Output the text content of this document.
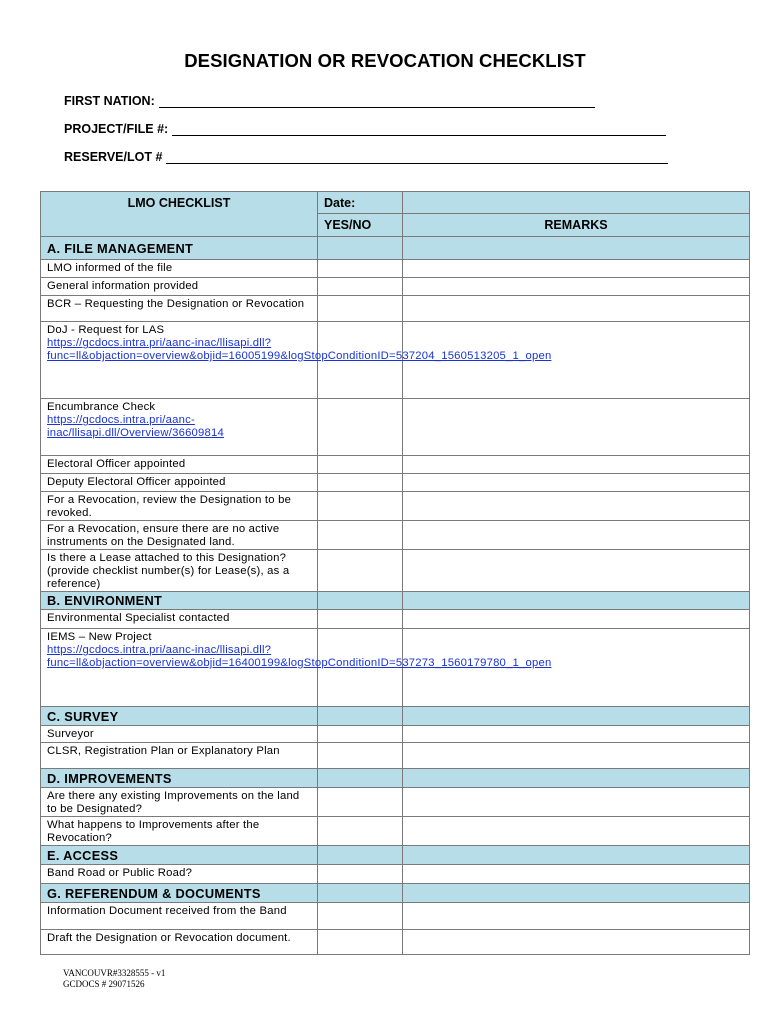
DESIGNATION OR REVOCATION CHECKLIST
FIRST NATION:
PROJECT/FILE #:
RESERVE/LOT #
LMO CHECKLIST	Date:	
	YES/NO	REMARKS
A. FILE MANAGEMENT		
LMO informed of the file		
General information provided		
BCR – Requesting the Designation or Revocation		
DoJ - Request for LAS
https://gcdocs.intra.pri/aanc-inac/llisapi.dll?func=ll&objaction=overview&objid=16005199&logStopConditionID=537204_1560513205_1_open		

Encumbrance Check
https://gcdocs.intra.pri/aanc-inac/llisapi.dll/Overview/36609814		

Electoral Officer appointed		
Deputy Electoral Officer appointed		
For a Revocation, review the Designation to be revoked.		
For a Revocation, ensure there are no active instruments on the Designated land.		
Is there a Lease attached to this Designation? (provide checklist number(s) for Lease(s), as a reference)		
B. ENVIRONMENT		
Environmental Specialist contacted		
IEMS – New Project
https://gcdocs.intra.pri/aanc-inac/llisapi.dll?func=ll&objaction=overview&objid=16400199&logStopConditionID=537273_1560179780_1_open		

C. SURVEY		
Surveyor		
CLSR, Registration Plan or Explanatory Plan		
D. IMPROVEMENTS		
Are there any existing Improvements on the land to be Designated?		
What happens to Improvements after the Revocation?		
E. ACCESS		
Band Road or Public Road?		
G. REFERENDUM & DOCUMENTS		
Information Document received from the Band		
Draft the Designation or Revocation document.		
VANCOUVR#3328555 - v1
GCDOCS # 29071526
